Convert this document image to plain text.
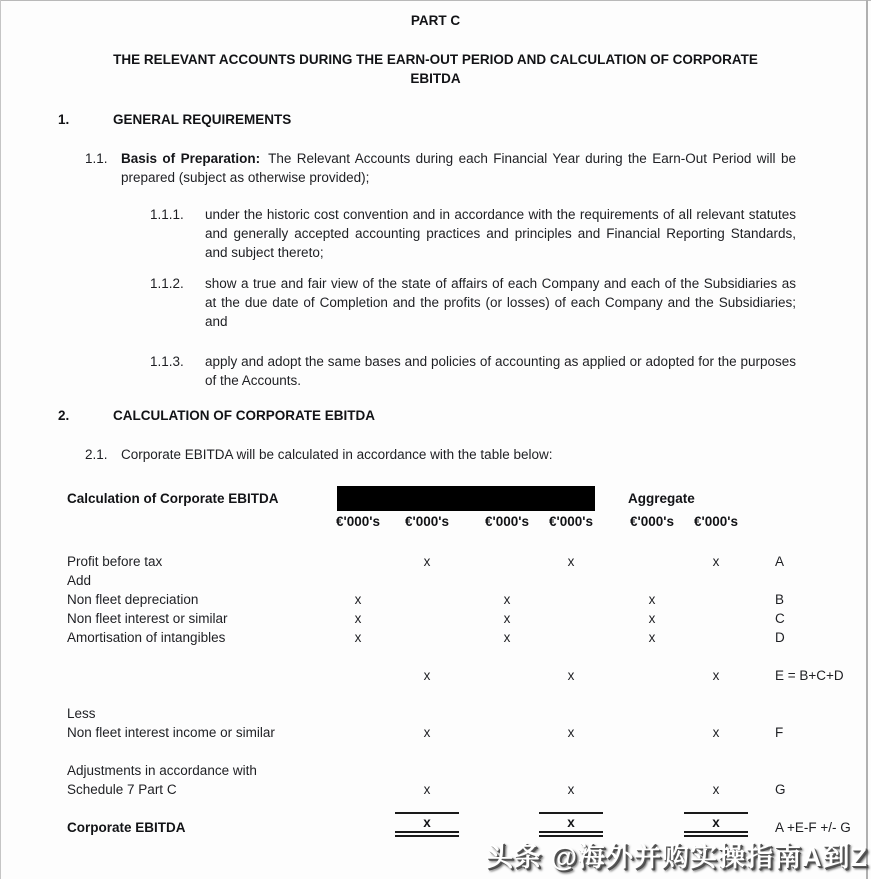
PART C
THE RELEVANT ACCOUNTS DURING THE EARN-OUT PERIOD AND CALCULATION OF CORPORATE
EBITDA
1.	GENERAL REQUIREMENTS
1.1. Basis of Preparation: The Relevant Accounts during each Financial Year during the Earn-Out Period will be prepared (subject as otherwise provided);
1.1.1. under the historic cost convention and in accordance with the requirements of all relevant statutes and generally accepted accounting practices and principles and Financial Reporting Standards, and subject thereto;
1.1.2. show a true and fair view of the state of affairs of each Company and each of the Subsidiaries as at the due date of Completion and the profits (or losses) of each Company and the Subsidiaries; and
1.1.3. apply and adopt the same bases and policies of accounting as applied or adopted for the purposes of the Accounts.
2.	CALCULATION OF CORPORATE EBITDA
2.1. Corporate EBITDA will be calculated in accordance with the table below:
Calculation of Corporate EBITDA	Aggregate
€'000's €'000's	€'000's €'000's	€'000's €'000's
Profit before tax	x	x	x	A
Add
Non fleet depreciation	x	x	x	B
Non fleet interest or similar	x	x	x	C
Amortisation of intangibles	x	x	x	D
x	x	x	E = B+C+D
Less
Non fleet interest income or similar	x	x	x	F
Adjustments in accordance with
Schedule 7 Part C	x	x	x	G
Corporate EBITDA	x	x	x	A +E-F +/- G
头条 @海外并购实操指南A到Z
